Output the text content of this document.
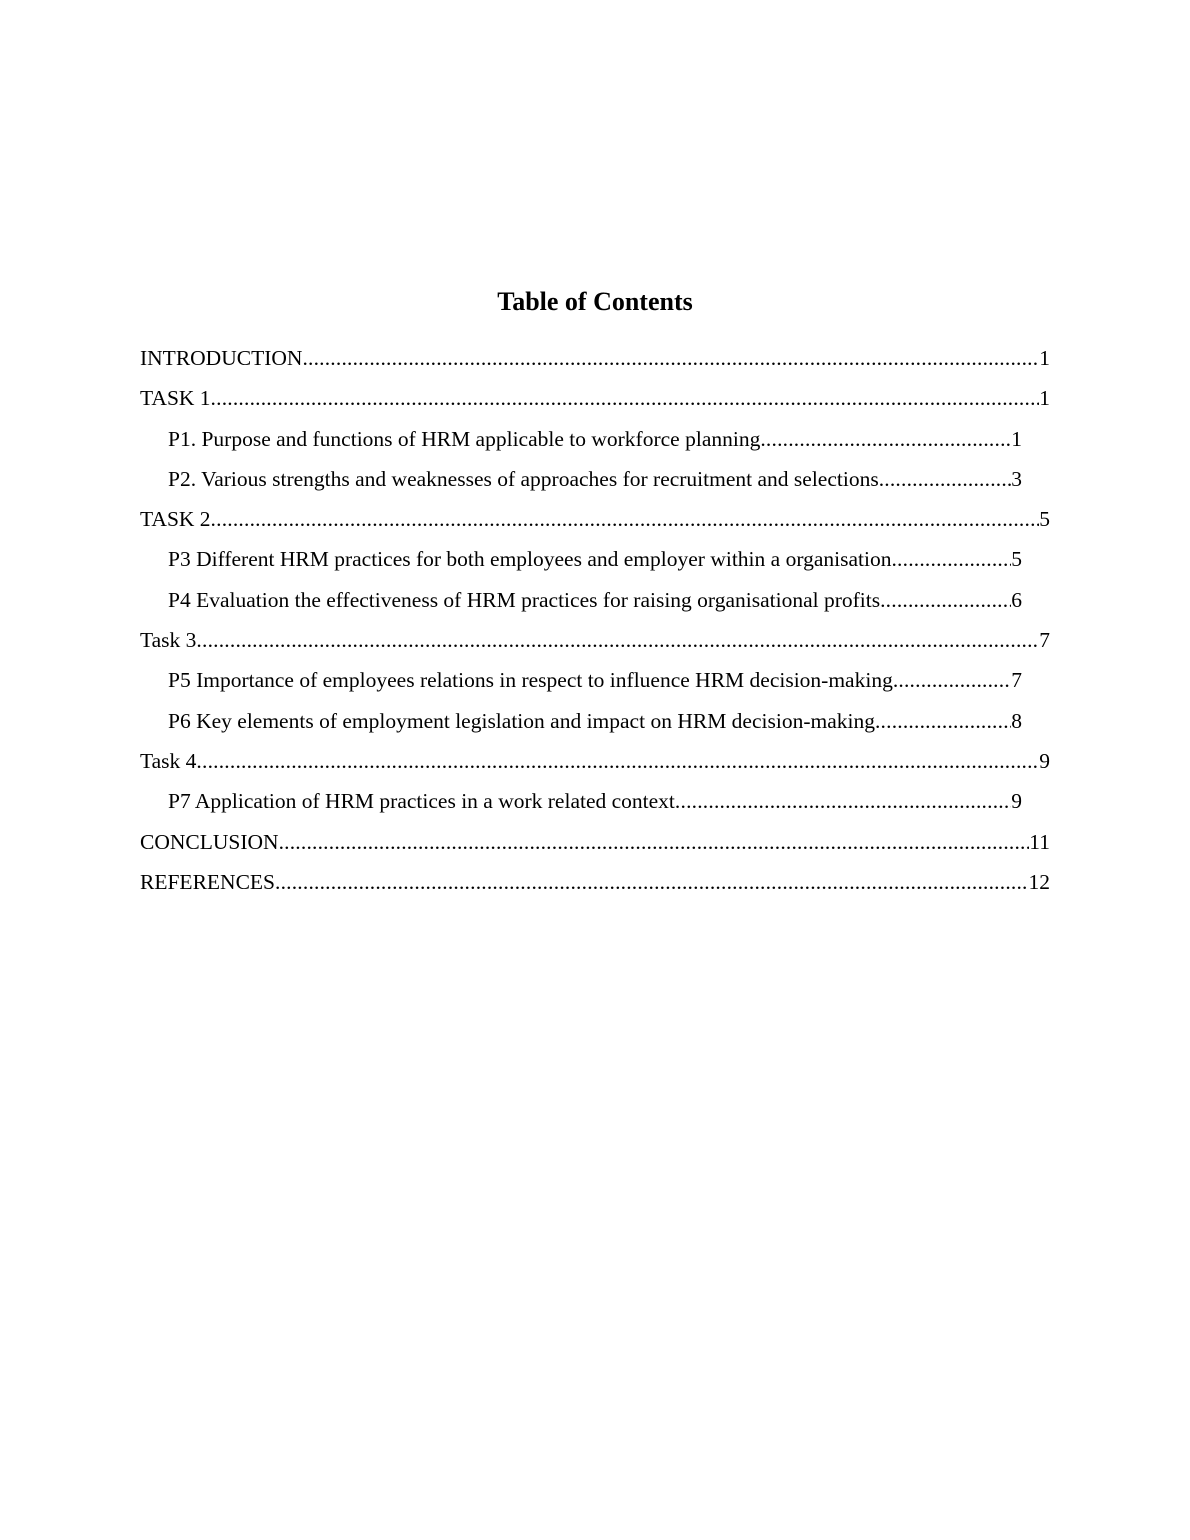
Table of Contents
INTRODUCTION .....	1
TASK 1 .....	1
P1. Purpose and functions of HRM applicable to workforce planning .....	1
P2. Various strengths and weaknesses of approaches for recruitment and selections .....	3
TASK 2 .....	5
P3 Different HRM practices for both employees and employer within a organisation .....	5
P4 Evaluation the effectiveness of HRM practices for raising organisational profits .....	6
Task 3 .....	7
P5 Importance of employees relations in respect to influence HRM decision-making .....	7
P6 Key elements of employment legislation and impact on HRM decision-making .....	8
Task 4 .....	9
P7 Application of HRM practices in a work related context .....	9
CONCLUSION .....	11
REFERENCES .....	12
